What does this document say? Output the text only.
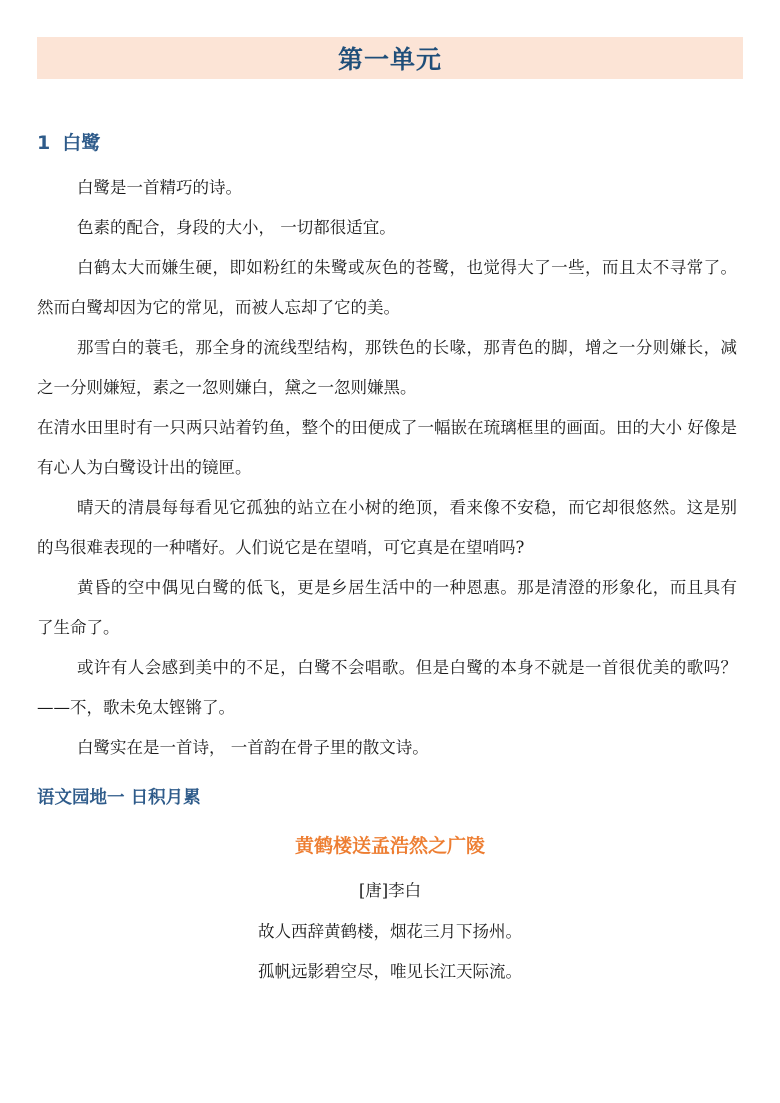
第一单元
1 白鹭

白鹭是一首精巧的诗。

色素的配合，身段的大小， 一切都很适宜。

白鹤太大而嫌生硬，即如粉红的朱鹭或灰色的苍鹭，也觉得大了一些，而且太不寻常了。 然而白鹭却因为它的常见，而被人忘却了它的美。

那雪白的蓑毛，那全身的流线型结构，那铁色的长喙，那青色的脚，增之一分则嫌长，减 之一分则嫌短，素之一忽则嫌白，黛之一忽则嫌黑。

在清水田里时有一只两只站着钓鱼，整个的田便成了一幅嵌在琉璃框里的画面。田的大小 好像是有心人为白鹭设计出的镜匣。

晴天的清晨每每看见它孤独的站立在小树的绝顶，看来像不安稳，而它却很悠然。这是别 的鸟很难表现的一种嗜好。人们说它是在望哨，可它真是在望哨吗?

黄昏的空中偶见白鹭的低飞，更是乡居生活中的一种恩惠。那是清澄的形象化，而且具有 了生命了。

或许有人会感到美中的不足，白鹭不会唱歌。但是白鹭的本身不就是一首很优美的歌吗？ ——不，歌未免太铿锵了。

白鹭实在是一首诗， 一首韵在骨子里的散文诗。

语文园地一 日积月累
黄鹤楼送孟浩然之广陵
[唐]李白
故人西辞黄鹤楼，烟花三月下扬州。
孤帆远影碧空尽，唯见长江天际流。
